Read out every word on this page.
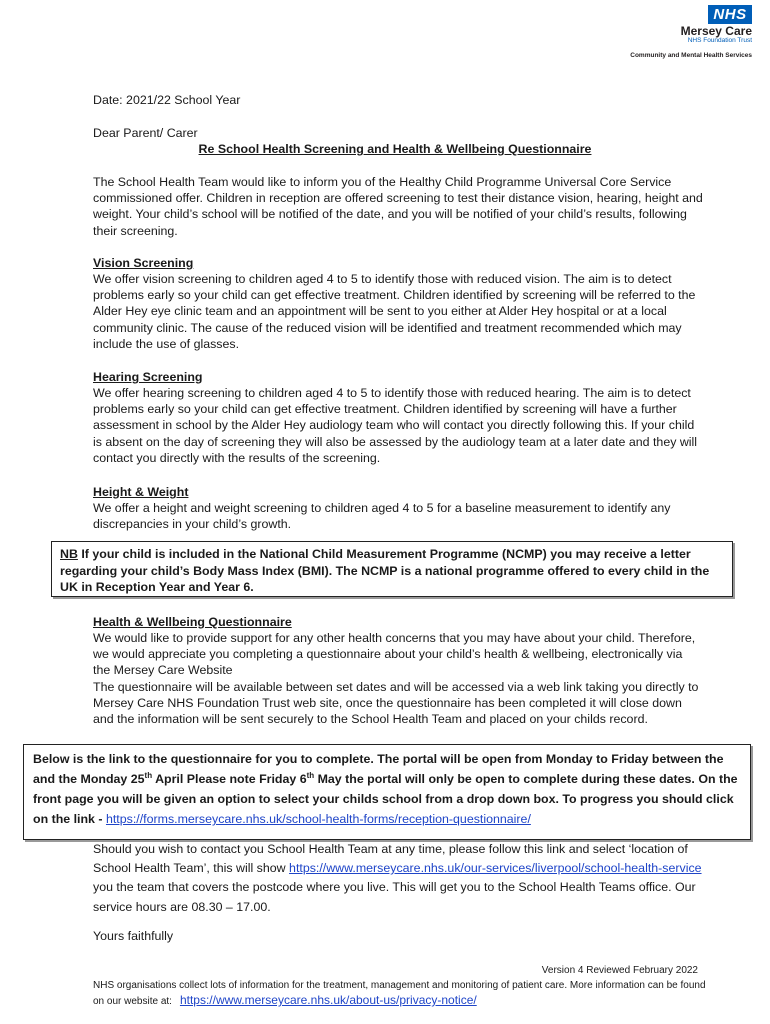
NHS
Mersey Care
NHS Foundation Trust
Community and Mental Health Services
Date: 2021/22 School Year
Dear Parent/ Carer
Re School Health Screening and Health & Wellbeing Questionnaire
The School Health Team would like to inform you of the Healthy Child Programme Universal Core Service commissioned offer. Children in reception are offered screening to test their distance vision, hearing, height and weight. Your child’s school will be notified of the date, and you will be notified of your child’s results, following their screening.
Vision Screening
We offer vision screening to children aged 4 to 5 to identify those with reduced vision. The aim is to detect problems early so your child can get effective treatment. Children identified by screening will be referred to the Alder Hey eye clinic team and an appointment will be sent to you either at Alder Hey hospital or at a local community clinic. The cause of the reduced vision will be identified and treatment recommended which may include the use of glasses.
Hearing Screening
We offer hearing screening to children aged 4 to 5 to identify those with reduced hearing. The aim is to detect problems early so your child can get effective treatment. Children identified by screening will have a further assessment in school by the Alder Hey audiology team who will contact you directly following this. If your child is absent on the day of screening they will also be assessed by the audiology team at a later date and they will contact you directly with the results of the screening.
Height & Weight
We offer a height and weight screening to children aged 4 to 5 for a baseline measurement to identify any discrepancies in your child’s growth.
NB If your child is included in the National Child Measurement Programme (NCMP) you may receive a letter regarding your child’s Body Mass Index (BMI). The NCMP is a national programme offered to every child in the UK in Reception Year and Year 6.
Health & Wellbeing Questionnaire
We would like to provide support for any other health concerns that you may have about your child. Therefore, we would appreciate you completing a questionnaire about your child’s health & wellbeing, electronically via the Mersey Care Website
The questionnaire will be available between set dates and will be accessed via a web link taking you directly to Mersey Care NHS Foundation Trust web site, once the questionnaire has been completed it will close down and the information will be sent securely to the School Health Team and placed on your childs record.
Below is the link to the questionnaire for you to complete. The portal will be open from Monday to Friday between the and the Monday 25th April Please note Friday 6th May the portal will only be open to complete during these dates. On the front page you will be given an option to select your childs school from a drop down box. To progress you should click on the link - https://forms.merseycare.nhs.uk/school-health-forms/reception-questionnaire/
Should you wish to contact you School Health Team at any time, please follow this link and select ‘location of School Health Team’, this will show https://www.merseycare.nhs.uk/our-services/liverpool/school-health-service you the team that covers the postcode where you live. This will get you to the School Health Teams office. Our service hours are 08.30 – 17.00.
Yours faithfully
Version 4 Reviewed February 2022
NHS organisations collect lots of information for the treatment, management and monitoring of patient care. More information can be found on our website at: https://www.merseycare.nhs.uk/about-us/privacy-notice/
